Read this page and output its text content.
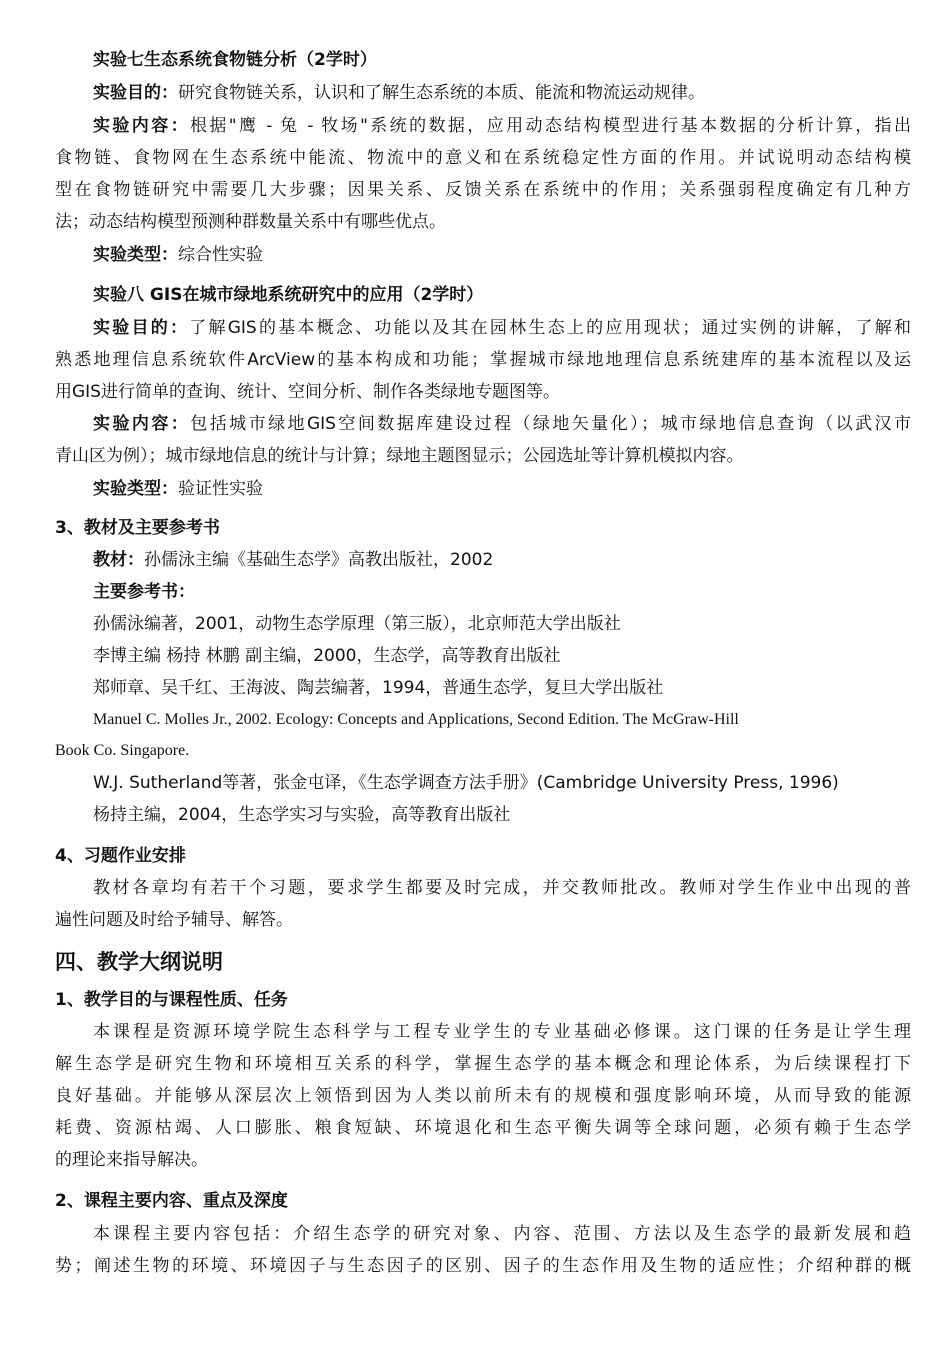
实验七生态系统食物链分析（2学时）
实验目的：研究食物链关系，认识和了解生态系统的本质、能流和物流运动规律。
实验内容：根据"鹰 - 兔 - 牧场"系统的数据，应用动态结构模型进行基本数据的分析计算，指出
食物链、食物网在生态系统中能流、物流中的意义和在系统稳定性方面的作用。并试说明动态结构模
型在食物链研究中需要几大步骤；因果关系、反馈关系在系统中的作用；关系强弱程度确定有几种方
法；动态结构模型预测种群数量关系中有哪些优点。
实验类型：综合性实验
实验八 GIS在城市绿地系统研究中的应用（2学时）
实验目的：了解GIS的基本概念、功能以及其在园林生态上的应用现状；通过实例的讲解，了解和
熟悉地理信息系统软件ArcView的基本构成和功能；掌握城市绿地地理信息系统建库的基本流程以及运
用GIS进行简单的查询、统计、空间分析、制作各类绿地专题图等。
实验内容：包括城市绿地GIS空间数据库建设过程（绿地矢量化）；城市绿地信息查询（以武汉市
青山区为例）；城市绿地信息的统计与计算；绿地主题图显示；公园选址等计算机模拟内容。
实验类型：验证性实验
3、教材及主要参考书
教材：孙儒泳主编《基础生态学》高教出版社，2002
主要参考书：
孙儒泳编著，2001，动物生态学原理（第三版），北京师范大学出版社
李博主编 杨持 林鹏 副主编，2000，生态学，高等教育出版社
郑师章、吴千红、王海波、陶芸编著，1994，普通生态学，复旦大学出版社
Manuel C. Molles Jr., 2002. Ecology: Concepts and Applications, Second Edition. The McGraw-Hill
Book Co. Singapore.
W.J. Sutherland等著，张金屯译，《生态学调查方法手册》(Cambridge University Press, 1996)
杨持主编，2004，生态学实习与实验，高等教育出版社
4、习题作业安排
教材各章均有若干个习题，要求学生都要及时完成，并交教师批改。教师对学生作业中出现的普
遍性问题及时给予辅导、解答。
四、教学大纲说明
1、教学目的与课程性质、任务
本课程是资源环境学院生态科学与工程专业学生的专业基础必修课。这门课的任务是让学生理
解生态学是研究生物和环境相互关系的科学，掌握生态学的基本概念和理论体系，为后续课程打下
良好基础。并能够从深层次上领悟到因为人类以前所未有的规模和强度影响环境，从而导致的能源
耗费、资源枯竭、人口膨胀、粮食短缺、环境退化和生态平衡失调等全球问题，必须有赖于生态学
的理论来指导解决。
2、课程主要内容、重点及深度
本课程主要内容包括：介绍生态学的研究对象、内容、范围、方法以及生态学的最新发展和趋
势；阐述生物的环境、环境因子与生态因子的区别、因子的生态作用及生物的适应性；介绍种群的概
